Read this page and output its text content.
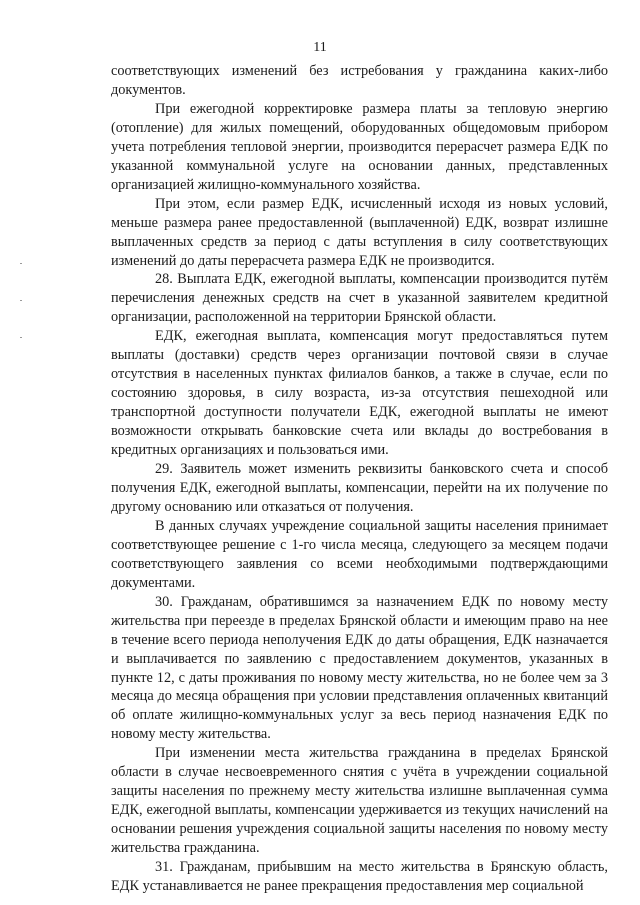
11

соответствующих изменений без истребования у гражданина каких-либо документов.

При ежегодной корректировке размера платы за тепловую энергию (отопление) для жилых помещений, оборудованных общедомовым прибором учета потребления тепловой энергии, производится перерасчет размера ЕДК по указанной коммунальной услуге на основании данных, представленных организацией жилищно-коммунального хозяйства.

При этом, если размер ЕДК, исчисленный исходя из новых условий, меньше размера ранее предоставленной (выплаченной) ЕДК, возврат излишне выплаченных средств за период с даты вступления в силу соответствующих изменений до даты перерасчета размера ЕДК не производится.

28. Выплата ЕДК, ежегодной выплаты, компенсации производится путём перечисления денежных средств на счет в указанной заявителем кредитной организации, расположенной на территории Брянской области.

ЕДК, ежегодная выплата, компенсация могут предоставляться путем выплаты (доставки) средств через организации почтовой связи в случае отсутствия в населенных пунктах филиалов банков, а также в случае, если по состоянию здоровья, в силу возраста, из-за отсутствия пешеходной или транспортной доступности получатели ЕДК, ежегодной выплаты не имеют возможности открывать банковские счета или вклады до востребования в кредитных организациях и пользоваться ими.

29. Заявитель может изменить реквизиты банковского счета и способ получения ЕДК, ежегодной выплаты, компенсации, перейти на их получение по другому основанию или отказаться от получения.

В данных случаях учреждение социальной защиты населения принимает соответствующее решение с 1-го числа месяца, следующего за месяцем подачи соответствующего заявления со всеми необходимыми подтверждающими документами.

30. Гражданам, обратившимся за назначением ЕДК по новому месту жительства при переезде в пределах Брянской области и имеющим право на нее в течение всего периода неполучения ЕДК до даты обращения, ЕДК назначается и выплачивается по заявлению с предоставлением документов, указанных в пункте 12, с даты проживания по новому месту жительства, но не более чем за 3 месяца до месяца обращения при условии представления оплаченных квитанций об оплате жилищно-коммунальных услуг за весь период назначения ЕДК по новому месту жительства.

При изменении места жительства гражданина в пределах Брянской области в случае несвоевременного снятия с учёта в учреждении социальной защиты населения по прежнему месту жительства излишне выплаченная сумма ЕДК, ежегодной выплаты, компенсации удерживается из текущих начислений на основании решения учреждения социальной защиты населения по новому месту жительства гражданина.

31. Гражданам, прибывшим на место жительства в Брянскую область, ЕДК устанавливается не ранее прекращения предоставления мер социальной
